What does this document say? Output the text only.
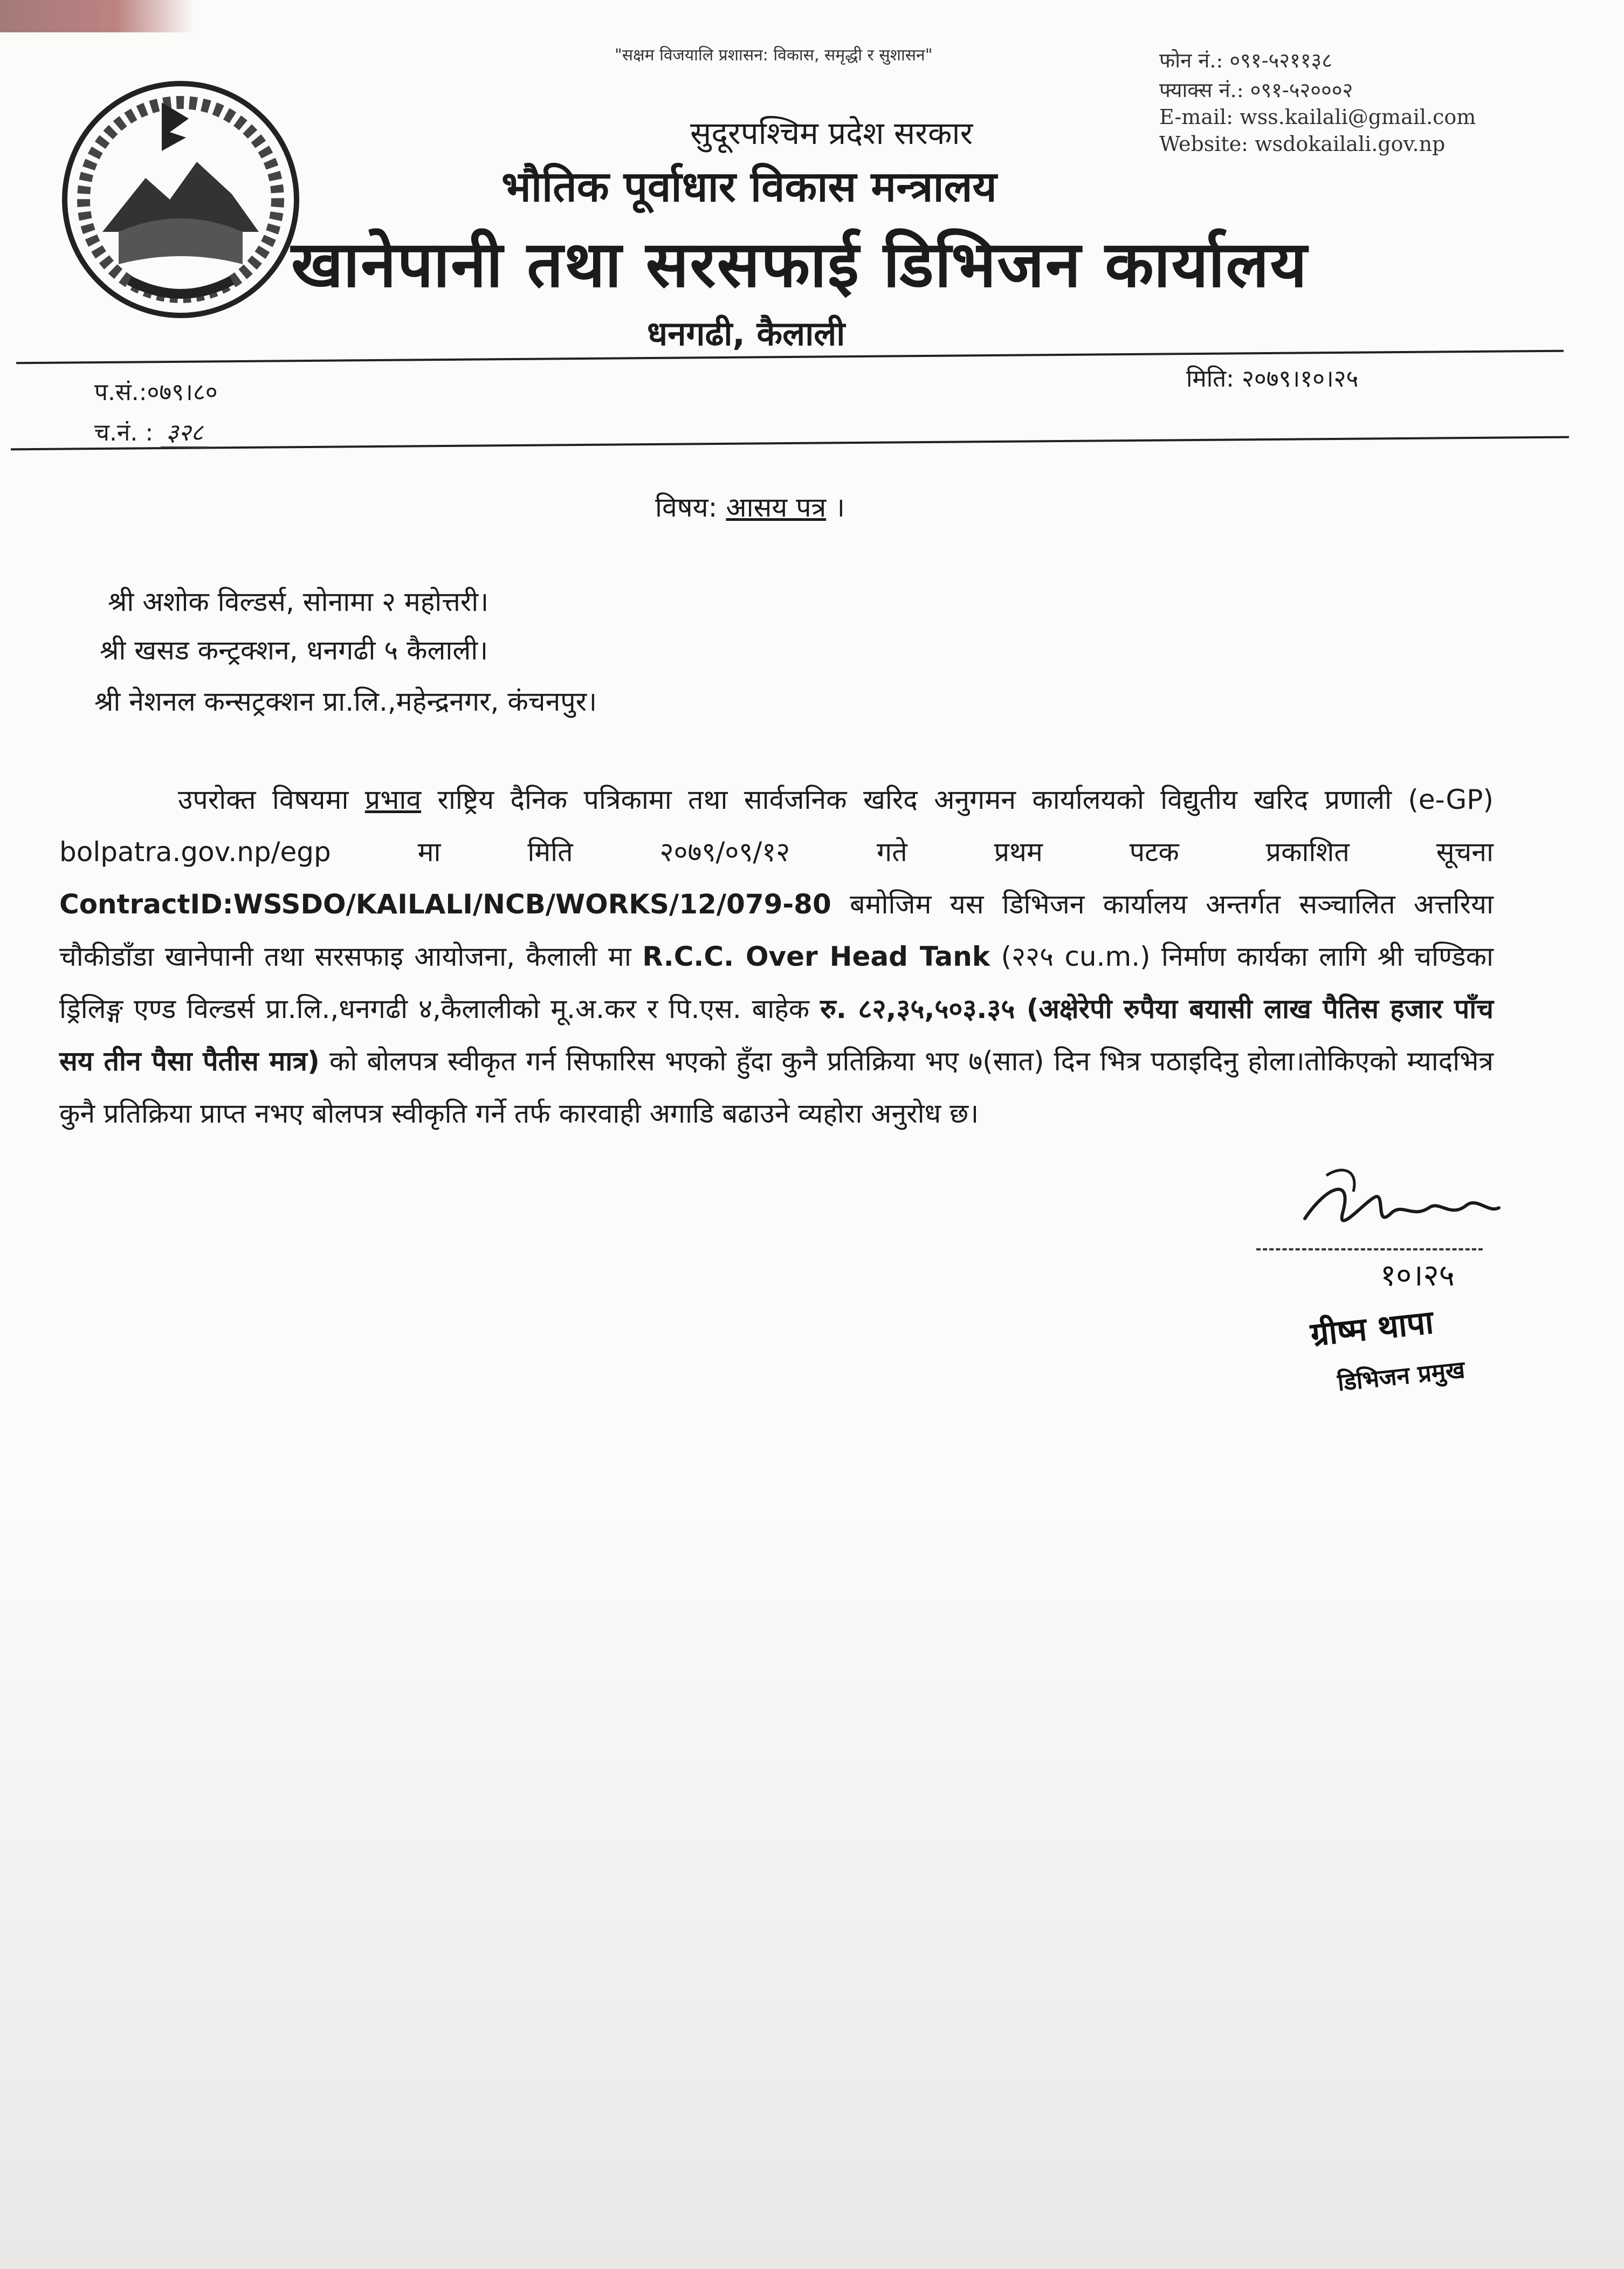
"सक्षम विजयालि प्रशासन: विकास, समृद्धी र सुशासन"
सुदूरपश्चिम प्रदेश सरकार
भौतिक पूर्वाधार विकास मन्त्रालय
खानेपानी तथा सरसफाई डिभिजन कार्यालय
धनगढी, कैलाली
फोन नं.: ०९१-५२११३८
फ्याक्स नं.: ०९१-५२०००२
E-mail: wss.kailali@gmail.com
Website: wsdokailali.gov.np
प.सं.:०७९।८०
च.नं. : ३२८
मिति: २०७९।१०।२५
विषय: आसय पत्र ।
श्री अशोक विल्डर्स, सोनामा २ महोत्तरी।
श्री खसड कन्ट्रक्शन, धनगढी ५ कैलाली।
श्री नेशनल कन्सट्रक्शन प्रा.लि.,महेन्द्रनगर, कंचनपुर।
उपरोक्त विषयमा प्रभाव राष्ट्रिय दैनिक पत्रिकामा तथा सार्वजनिक खरिद अनुगमन कार्यालयको विद्युतीय खरिद प्रणाली (e-GP) bolpatra.gov.np/egp मा मिति २०७९/०९/१२ गते प्रथम पटक प्रकाशित सूचना ContractID:WSSDO/KAILALI/NCB/WORKS/12/079-80 बमोजिम यस डिभिजन कार्यालय अन्तर्गत सञ्चालित अत्तरिया चौकीडाँडा खानेपानी तथा सरसफाइ आयोजना, कैलाली मा R.C.C. Over Head Tank (२२५ cu.m.) निर्माण कार्यका लागि श्री चण्डिका ड्रिलिङ्ग एण्ड विल्डर्स प्रा.लि.,धनगढी ४,कैलालीको मू.अ.कर र पि.एस. बाहेक रु. ८२,३५,५०३.३५ (अक्षेरेपी रुपैया बयासी लाख पैतिस हजार पाँच सय तीन पैसा पैतीस मात्र) को बोलपत्र स्वीकृत गर्न सिफारिस भएको हुँदा कुनै प्रतिक्रिया भए ७(सात) दिन भित्र पठाइदिनु होला।तोकिएको म्यादभित्र कुनै प्रतिक्रिया प्राप्त नभए बोलपत्र स्वीकृति गर्ने तर्फ कारवाही अगाडि बढाउने व्यहोरा अनुरोध छ।
१०।२५
ग्रीष्म थापा
डिभिजन प्रमुख
